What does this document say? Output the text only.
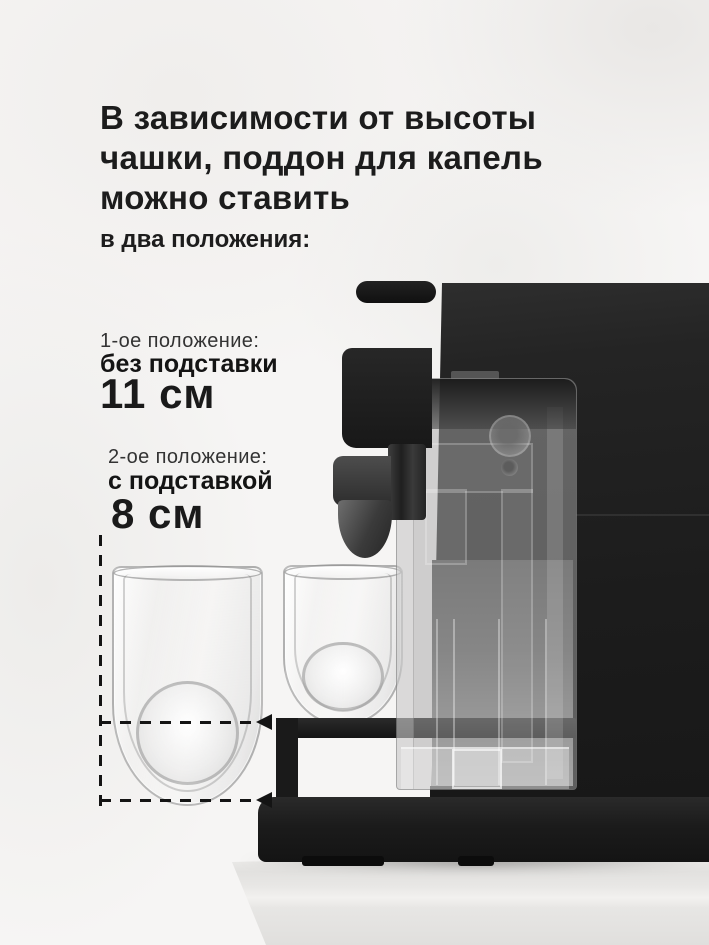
В зависимости от высоты
чашки, поддон для капель
можно ставить
в два положения:
1-ое положение:
без подставки
11 см
2-ое положение:
с подставкой
8 см
